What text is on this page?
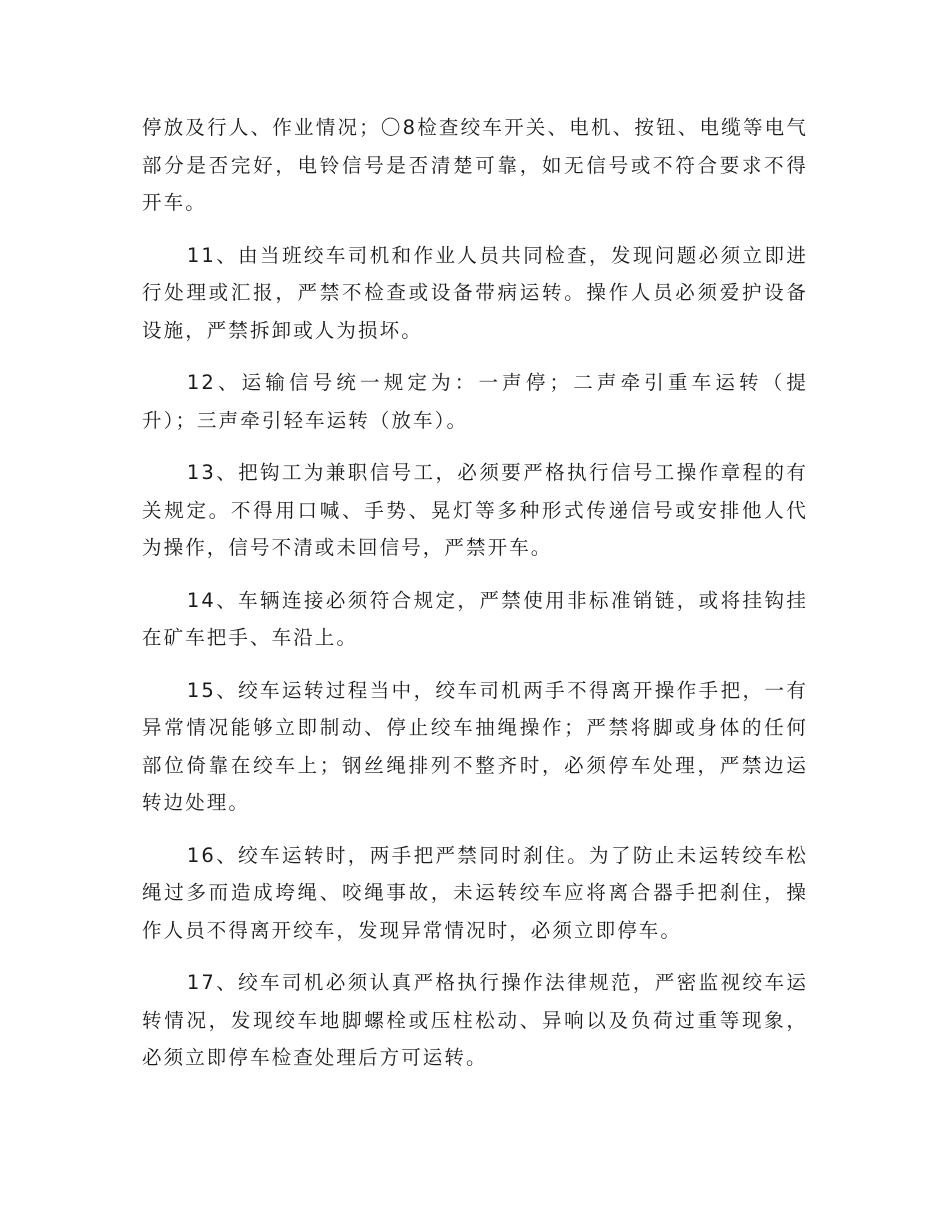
停放及行人、作业情况；〇8检查绞车开关、电机、按钮、电缆等电气部分是否完好，电铃信号是否清楚可靠，如无信号或不符合要求不得开车。

11、由当班绞车司机和作业人员共同检查，发现问题必须立即进行处理或汇报，严禁不检查或设备带病运转。操作人员必须爱护设备设施，严禁拆卸或人为损坏。

12、运输信号统一规定为：一声停；二声牵引重车运转（提升）；三声牵引轻车运转（放车）。

13、把钩工为兼职信号工，必须要严格执行信号工操作章程的有关规定。不得用口喊、手势、晃灯等多种形式传递信号或安排他人代为操作，信号不清或未回信号，严禁开车。

14、车辆连接必须符合规定，严禁使用非标准销链，或将挂钩挂在矿车把手、车沿上。

15、绞车运转过程当中，绞车司机两手不得离开操作手把，一有异常情况能够立即制动、停止绞车抽绳操作；严禁将脚或身体的任何部位倚靠在绞车上；钢丝绳排列不整齐时，必须停车处理，严禁边运转边处理。

16、绞车运转时，两手把严禁同时刹住。为了防止未运转绞车松绳过多而造成垮绳、咬绳事故，未运转绞车应将离合器手把刹住，操作人员不得离开绞车，发现异常情况时，必须立即停车。

17、绞车司机必须认真严格执行操作法律规范，严密监视绞车运转情况，发现绞车地脚螺栓或压柱松动、异响以及负荷过重等现象，必须立即停车检查处理后方可运转。
